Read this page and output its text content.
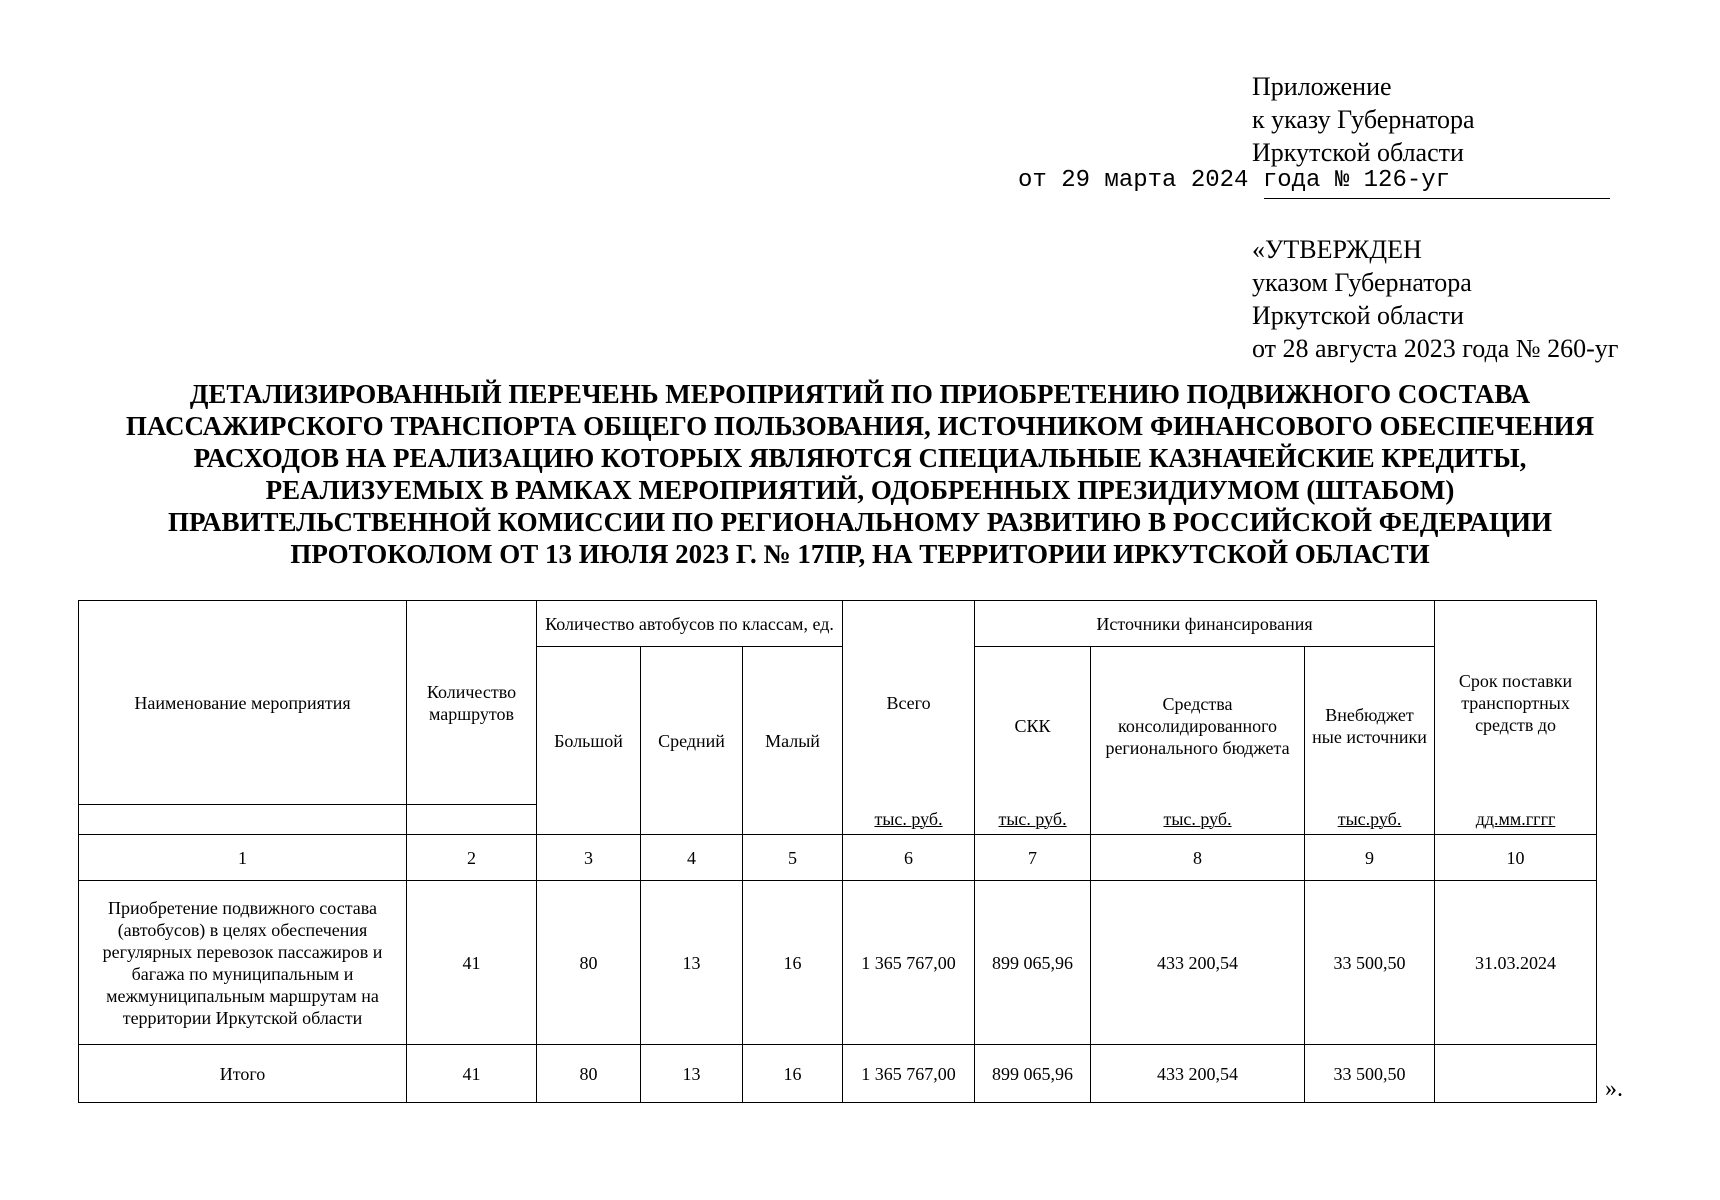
Приложение
к указу Губернатора
Иркутской области
от 29 марта 2024 года № 126-уг
«УТВЕРЖДЕН
указом Губернатора
Иркутской области
от 28 августа 2023 года № 260-уг
ДЕТАЛИЗИРОВАННЫЙ ПЕРЕЧЕНЬ МЕРОПРИЯТИЙ ПО ПРИОБРЕТЕНИЮ ПОДВИЖНОГО СОСТАВА
ПАССАЖИРСКОГО ТРАНСПОРТА ОБЩЕГО ПОЛЬЗОВАНИЯ, ИСТОЧНИКОМ ФИНАНСОВОГО ОБЕСПЕЧЕНИЯ
РАСХОДОВ НА РЕАЛИЗАЦИЮ КОТОРЫХ ЯВЛЯЮТСЯ СПЕЦИАЛЬНЫЕ КАЗНАЧЕЙСКИЕ КРЕДИТЫ,
РЕАЛИЗУЕМЫХ В РАМКАХ МЕРОПРИЯТИЙ, ОДОБРЕННЫХ ПРЕЗИДИУМОМ (ШТАБОМ)
ПРАВИТЕЛЬСТВЕННОЙ КОМИССИИ ПО РЕГИОНАЛЬНОМУ РАЗВИТИЮ В РОССИЙСКОЙ ФЕДЕРАЦИИ
ПРОТОКОЛОМ ОТ 13 ИЮЛЯ 2023 Г. № 17ПР, НА ТЕРРИТОРИИ ИРКУТСКОЙ ОБЛАСТИ
Наименование мероприятия	Количество маршрутов	Количество автобусов по классам, ед.			Всего	Источники финансирования			Срок поставки транспортных средств до
		Большой	Средний	Малый		СКК	Средства консолидированного регионального бюджета	Внебюджет ные источники	
					тыс. руб.	тыс. руб.	тыс. руб.	тыс.руб.	дд.мм.гггг
1	2	3	4	5	6	7	8	9	10
Приобретение подвижного состава (автобусов) в целях обеспечения регулярных перевозок пассажиров и багажа по муниципальным и межмуниципальным маршрутам на территории Иркутской области	41	80	13	16	1 365 767,00	899 065,96	433 200,54	33 500,50	31.03.2024
Итого	41	80	13	16	1 365 767,00	899 065,96	433 200,54	33 500,50	
».
